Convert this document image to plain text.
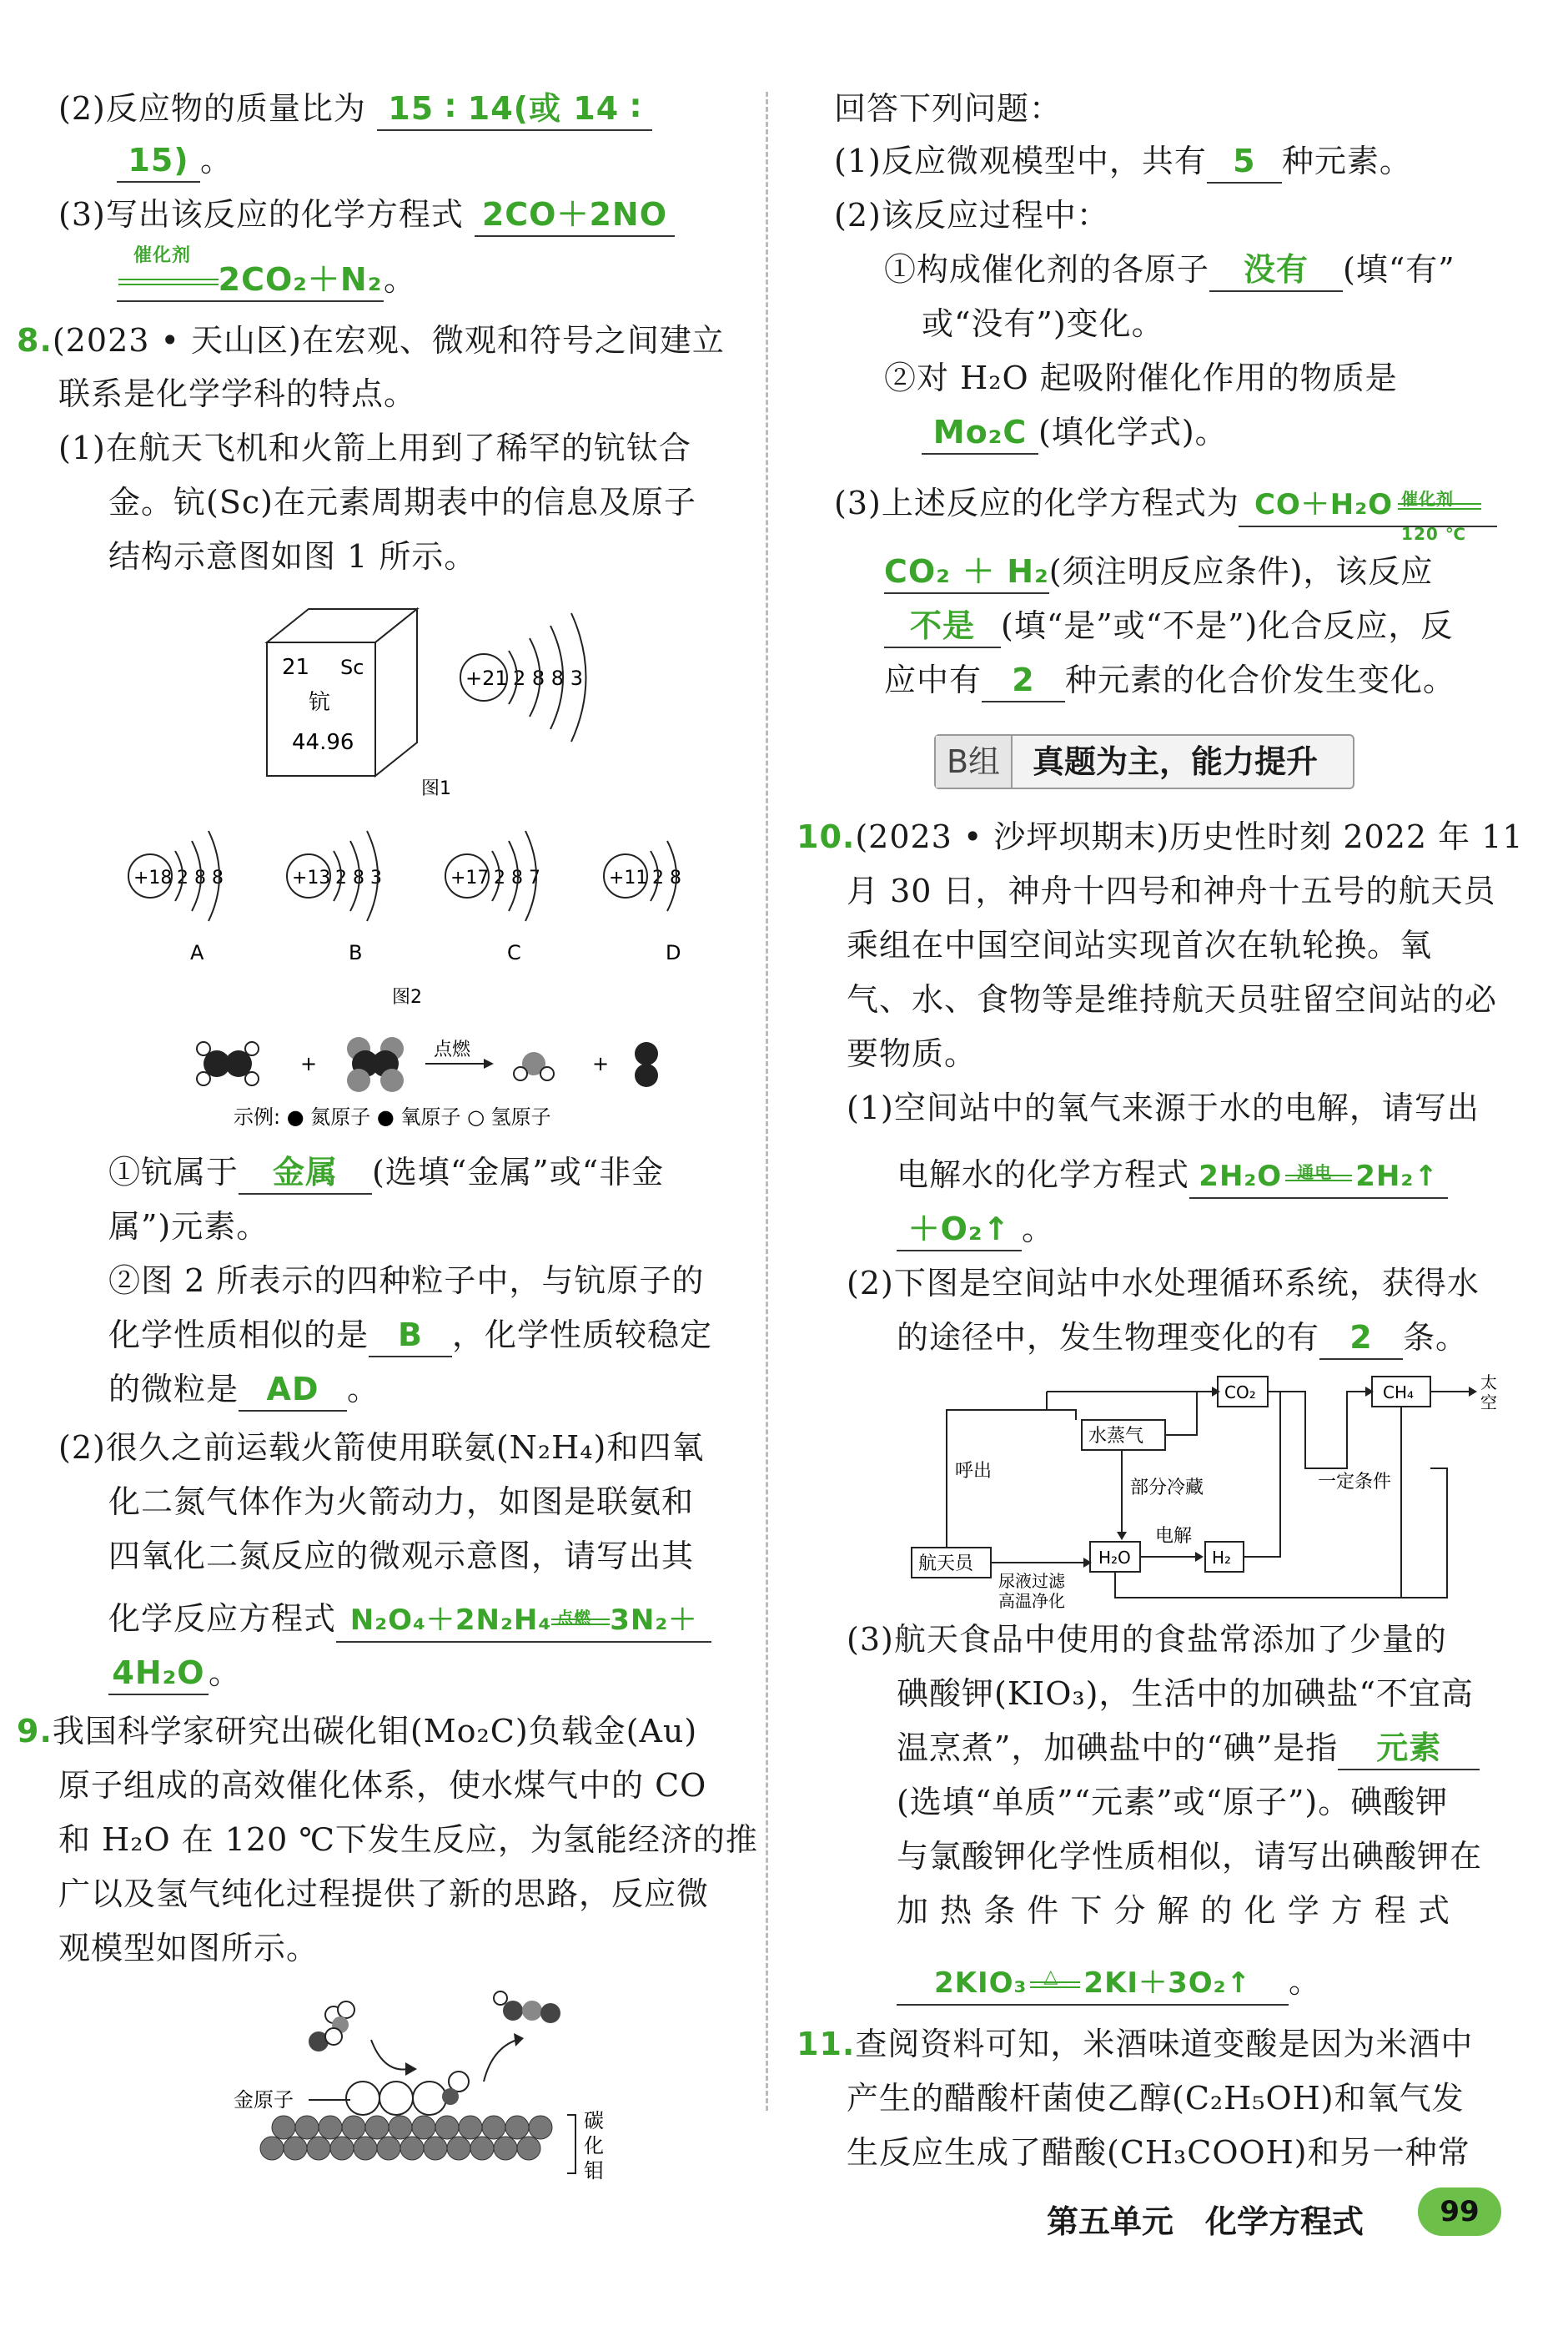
(2)反应物的质量比为 15 ∶ 14(或 14 ∶
15) 。
(3)写出该反应的化学方程式 2CO＋2NO
催化剂
2CO₂＋N₂。
8.(2023 • 天山区)在宏观、微观和符号之间建立
联系是化学学科的特点。
(1)在航天飞机和火箭上用到了稀罕的钪钛合
金。钪(Sc)在元素周期表中的信息及原子
结构示意图如图 1 所示。
21 Sc
钪
44.96
+21 2 8 8 3
图1
+18 2 8 8
A
+13 2 8 3
B
+17 2 8 7
C
+11 2 8
D
图2
+
点燃
+
示例: ● 氮原子 ● 氧原子 ○ 氢原子
①钪属于 金属 (选填“金属”或“非金
属”)元素。
②图 2 所表示的四种粒子中，与钪原子的
化学性质相似的是 B ，化学性质较稳定
的微粒是 AD 。
(2)很久之前运载火箭使用联氨(N₂H₄)和四氧
化二氮气体作为火箭动力，如图是联氨和
四氧化二氮反应的微观示意图，请写出其
化学反应方程式 N₂O₄＋2N₂H₄ 点燃 3N₂＋
4H₂O 。
9.我国科学家研究出碳化钼(Mo₂C)负载金(Au)
原子组成的高效催化体系，使水煤气中的 CO
和 H₂O 在 120 ℃下发生反应，为氢能经济的推
广以及氢气纯化过程提供了新的思路，反应微
观模型如图所示。
金原子
碳
化
钼
回答下列问题：
(1)反应微观模型中，共有 5 种元素。
(2)该反应过程中：
①构成催化剂的各原子 没有 (填“有”
或“没有”)变化。
②对 H₂O 起吸附催化作用的物质是
Mo₂C (填化学式)。
(3)上述反应的化学方程式为 CO＋H₂O 催化剂
120 ℃
CO₂ ＋ H₂(须注明反应条件)，该反应
不是 (填“是”或“不是”)化合反应，反
应中有 2 种元素的化合价发生变化。
B组 真题为主，能力提升
10.(2023 • 沙坪坝期末)历史性时刻 2022 年 11
月 30 日，神舟十四号和神舟十五号的航天员
乘组在中国空间站实现首次在轨轮换。氧
气、水、食物等是维持航天员驻留空间站的必
要物质。
(1)空间站中的氧气来源于水的电解，请写出
电解水的化学方程式 2H₂O 通电 2H₂↑
＋O₂↑ 。
(2)下图是空间站中水处理循环系统，获得水
的途径中，发生物理变化的有 2 条。
CO₂	CH₄	太
空
水蒸气
呼出
部分冷藏	一定条件
航天员	H₂O
电解
H₂
尿液过滤
高温净化
(3)航天食品中使用的食盐常添加了少量的
碘酸钾(KIO₃)，生活中的加碘盐“不宜高
温烹煮”，加碘盐中的“碘”是指 元素
(选填“单质”“元素”或“原子”)。碘酸钾
与氯酸钾化学性质相似，请写出碘酸钾在
加 热 条 件 下 分 解 的 化 学 方 程 式
2KIO₃ △ 2KI＋3O₂↑ 。
11.查阅资料可知，米酒味道变酸是因为米酒中
产生的醋酸杆菌使乙醇(C₂H₅OH)和氧气发
生反应生成了醋酸(CH₃COOH)和另一种常
第五单元　化学方程式	99
